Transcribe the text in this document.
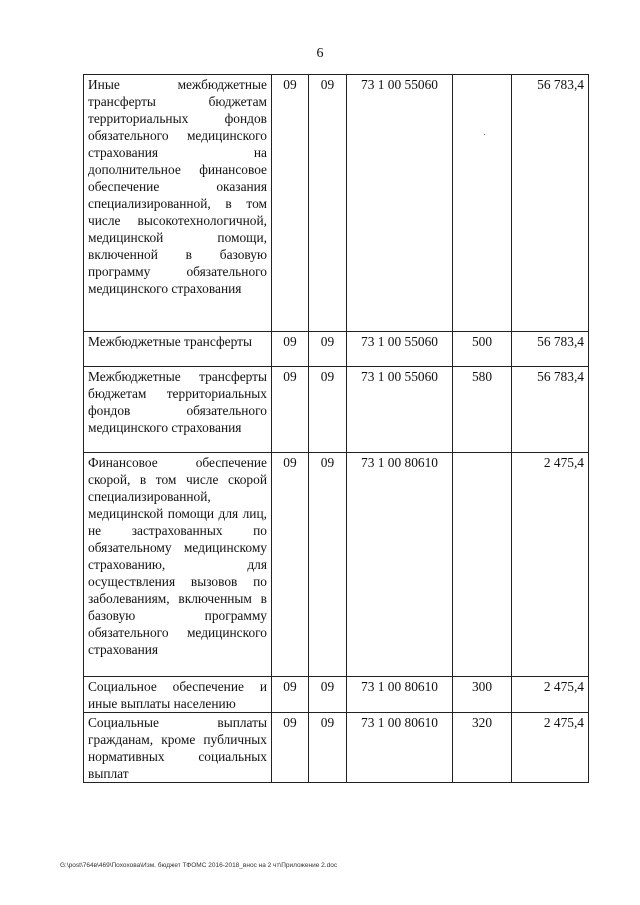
6
Иные межбюджетные трансферты бюджетам территориальных фондов обязательного медицинского страхования на дополнительное финансовое обеспечение оказания специализированной, в том числе высокотехнологичной, медицинской помощи, включенной в базовую программу обязательного медицинского страхования	09	09	73 1 00 55060		56 783,4
Межбюджетные трансферты	09	09	73 1 00 55060	500	56 783,4
Межбюджетные трансферты бюджетам территориальных фондов обязательного медицинского страхования	09	09	73 1 00 55060	580	56 783,4
Финансовое обеспечение скорой, в том числе скорой специализированной, медицинской помощи для лиц, не застрахованных по обязательному медицинскому страхованию, для осуществления вызовов по заболеваниям, включенным в базовую программу обязательного медицинского страхования	09	09	73 1 00 80610		2 475,4
Социальное обеспечение и иные выплаты населению	09	09	73 1 00 80610	300	2 475,4
Социальные выплаты гражданам, кроме публичных нормативных социальных выплат	09	09	73 1 00 80610	320	2 475,4
G:\post\764в\469\Похохова\Изм. бюджет ТФОМС 2016-2018_внос на 2 чт\Приложение 2.doc
